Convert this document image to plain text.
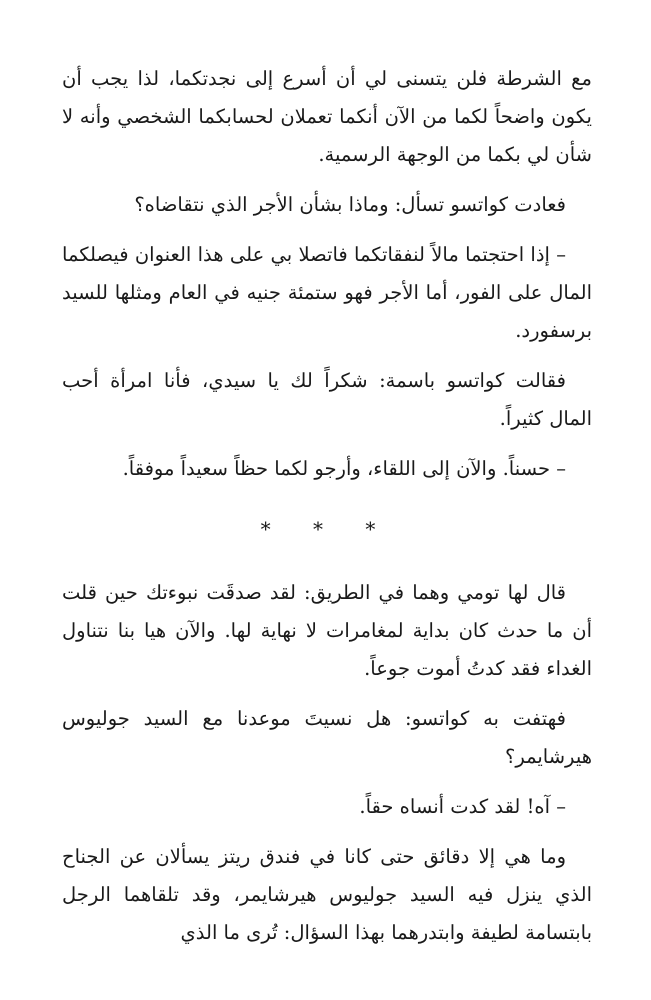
مع الشرطة فلن يتسنى لي أن أسرع إلى نجدتكما، لذا يجب أن يكون واضحاً لكما من الآن أنكما تعملان لحسابكما الشخصي وأنه لا شأن لي بكما من الوجهة الرسمية.

فعادت كواتسو تسأل: وماذا بشأن الأجر الذي نتقاضاه؟

– إذا احتجتما مالاً لنفقاتكما فاتصلا بي على هذا العنوان فيصلكما المال على الفور، أما الأجر فهو ستمئة جنيه في العام ومثلها للسيد برسفورد.

فقالت كواتسو باسمة: شكراً لك يا سيدي، فأنا امرأة أحب المال كثيراً.

– حسناً. والآن إلى اللقاء، وأرجو لكما حظاً سعيداً موفقاً.

* * *

قال لها تومي وهما في الطريق: لقد صدقَت نبوءتك حين قلت أن ما حدث كان بداية لمغامرات لا نهاية لها. والآن هيا بنا نتناول الغداء فقد كدتُ أموت جوعاً.

فهتفت به كواتسو: هل نسيتَ موعدنا مع السيد جوليوس هيرشايمر؟

– آه! لقد كدت أنساه حقاً.

وما هي إلا دقائق حتى كانا في فندق ريتز يسألان عن الجناح الذي ينزل فيه السيد جوليوس هيرشايمر، وقد تلقاهما الرجل بابتسامة لطيفة وابتدرهما بهذا السؤال: تُرى ما الذي
